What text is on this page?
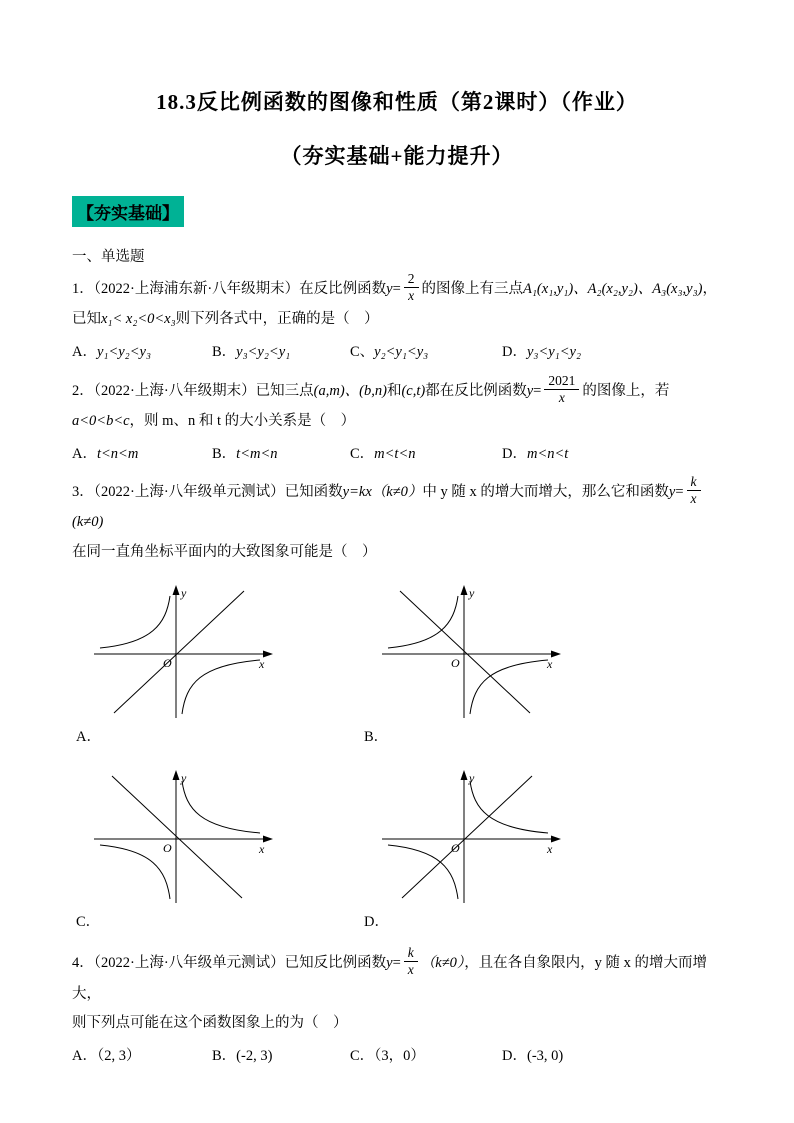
18.3反比例函数的图像和性质（第2课时）（作业）
（夯实基础+能力提升）
【夯实基础】
一、单选题
1．（2022·上海浦东新·八年级期末）在反比例函数$y= \frac{2}{x}$ 的图像上有三点A₁(x₁,y₁)、A₂(x₂,y₂)、A₃(x₃,y₃)，
已知x₁< x₂<0<x₃则下列各式中，正确的是（　）
A．y₁<y₂<y₃	B．y₃<y₂<y₁	C、y₂<y₁<y₃	D．y₃<y₁<y₂
2．（2022·上海·八年级期末）已知三点(a,m)、(b,n)和(c,t)都在反比例函数$y= \frac{2021}{x}$ 的图像上，若
a<0<b<c，则 m、n 和 t 的大小关系是（　）
A．t<n<m	B．t<m<n	C．m<t<n	D．m<n<t
3．（2022·上海·八年级单元测试）已知函数y=kx（k≠0）中 y 随 x 的增大而增大，那么它和函数$y= \frac{k}{x}$
(k≠0)
在同一直角坐标平面内的大致图象可能是（　）
y
x
O
A．
y
x
O
B．
y
x
O
C．
y
x
O
D．
4．（2022·上海·八年级单元测试）已知反比例函数$y= \frac{k}{x} (k\ne 0)$，且在各自象限内，y 随 x 的增大而增大，
则下列点可能在这个函数图象上的为（　）
A．（2, 3）	B．(-2, 3)	C．（3，0）	D．(-3, 0)
